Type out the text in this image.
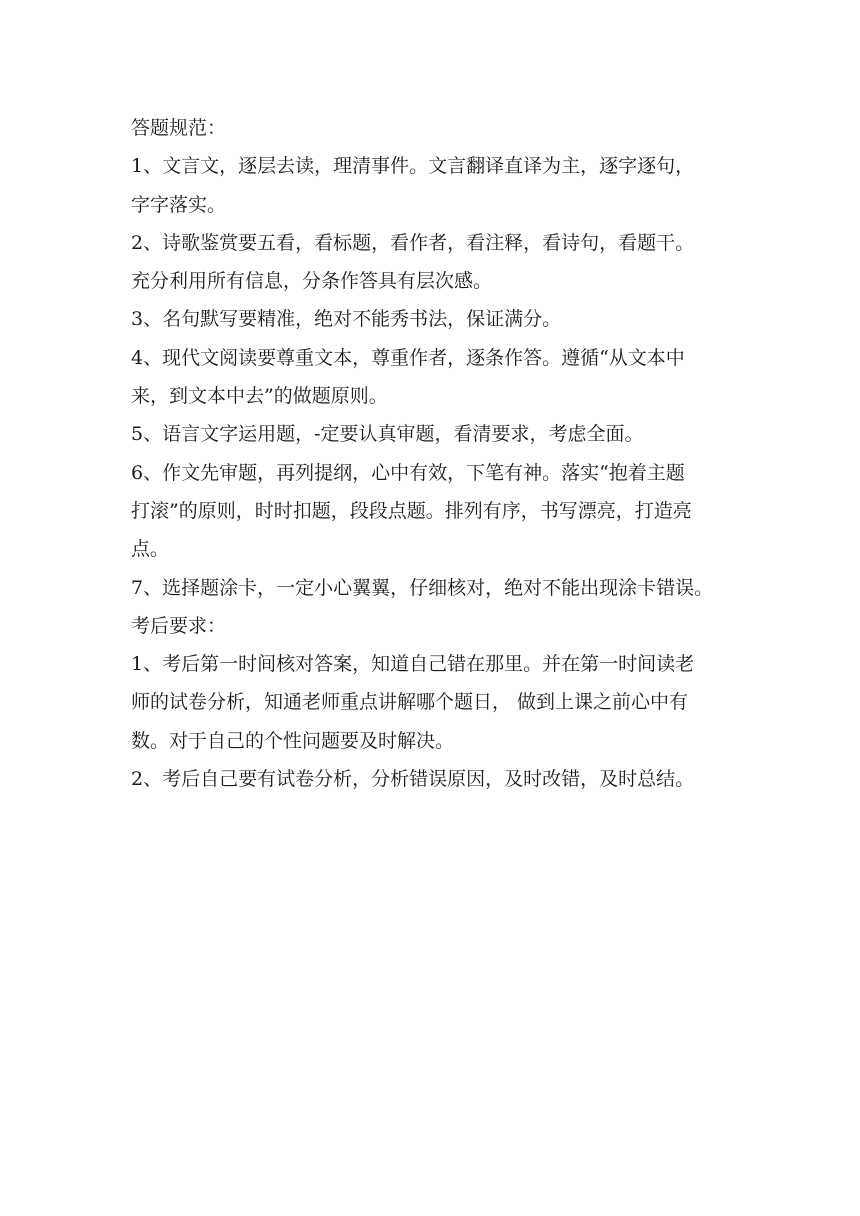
答题规范：
1、文言文，逐层去读，理清事件。文言翻译直译为主，逐字逐句，
字字落实。
2、诗歌鉴赏要五看，看标题，看作者，看注释，看诗句，看题干。
充分利用所有信息，分条作答具有层次感。
3、名句默写要精准，绝对不能秀书法，保证满分。
4、现代文阅读要尊重文本，尊重作者，逐条作答。遵循“从文本中
来，到文本中去”的做题原则。
5、语言文字运用题，-定要认真审题，看清要求，考虑全面。
6、作文先审题，再列提纲，心中有效，下笔有神。落实“抱着主题
打滚”的原则，时时扣题，段段点题。排列有序，书写漂亮，打造亮
点。
7、选择题涂卡，一定小心翼翼，仔细核对，绝对不能出现涂卡错误。
考后要求：
1、考后第一时间核对答案，知道自己错在那里。并在第一时间读老
师的试卷分析，知通老师重点讲解哪个题日， 做到上课之前心中有
数。对于自己的个性问题要及时解决。
2、考后自己要有试卷分析，分析错误原因，及时改错，及时总结。
